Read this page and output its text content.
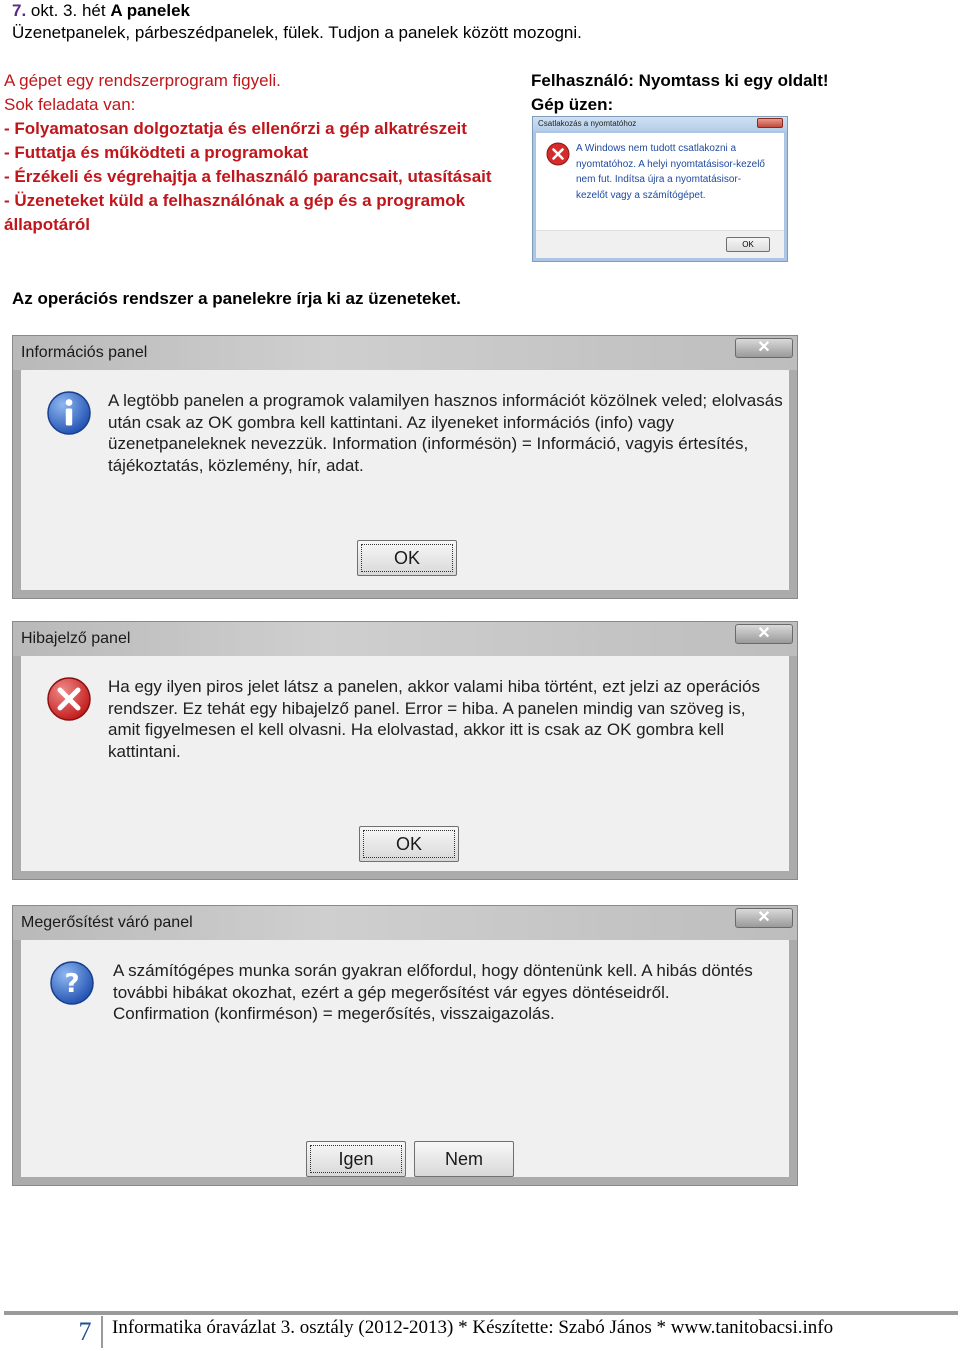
7. okt. 3. hét A panelek
Üzenetpanelek, párbeszédpanelek, fülek. Tudjon a panelek között mozogni.
A gépet egy rendszerprogram figyeli.
Sok feladata van:
- Folyamatosan dolgoztatja és ellenőrzi a gép alkatrészeit
- Futtatja és működteti a programokat
- Érzékeli és végrehajtja a felhasználó parancsait, utasításait
- Üzeneteket küld a felhasználónak a gép és a programok
állapotáról
Felhasználó: Nyomtass ki egy oldalt!
Gép üzen:
Csatlakozás a nyomtatóhoz
A Windows nem tudott csatlakozni a nyomtatóhoz. A helyi nyomtatásisor-kezelő nem fut. Indítsa újra a nyomtatásisor-kezelőt vagy a számítógépet.
OK
Az operációs rendszer a panelekre írja ki az üzeneteket.
Információs panel	✕
A legtöbb panelen a programok valamilyen hasznos információt közölnek veled; elolvasás után csak az OK gombra kell kattintani. Az ilyeneket információs (info) vagy üzenetpaneleknek nevezzük. Information (informésön) = Információ, vagyis értesítés, tájékoztatás, közlemény, hír, adat.
OK
Hibajelző panel	✕
Ha egy ilyen piros jelet látsz a panelen, akkor valami hiba történt, ezt jelzi az operációs rendszer. Ez tehát egy hibajelző panel. Error = hiba. A panelen mindig van szöveg is, amit figyelmesen el kell olvasni. Ha elolvastad, akkor itt is csak az OK gombra kell kattintani.
OK
Megerősítést váró panel	✕
? A számítógépes munka során gyakran előfordul, hogy döntenünk kell. A hibás döntés további hibákat okozhat, ezért a gép megerősítést vár egyes döntéseidről. Confirmation (konfirméson) = megerősítés, visszaigazolás.
Igen	Nem
7	Informatika óravázlat 3. osztály (2012-2013) * Készítette: Szabó János * www.tanitobacsi.info
